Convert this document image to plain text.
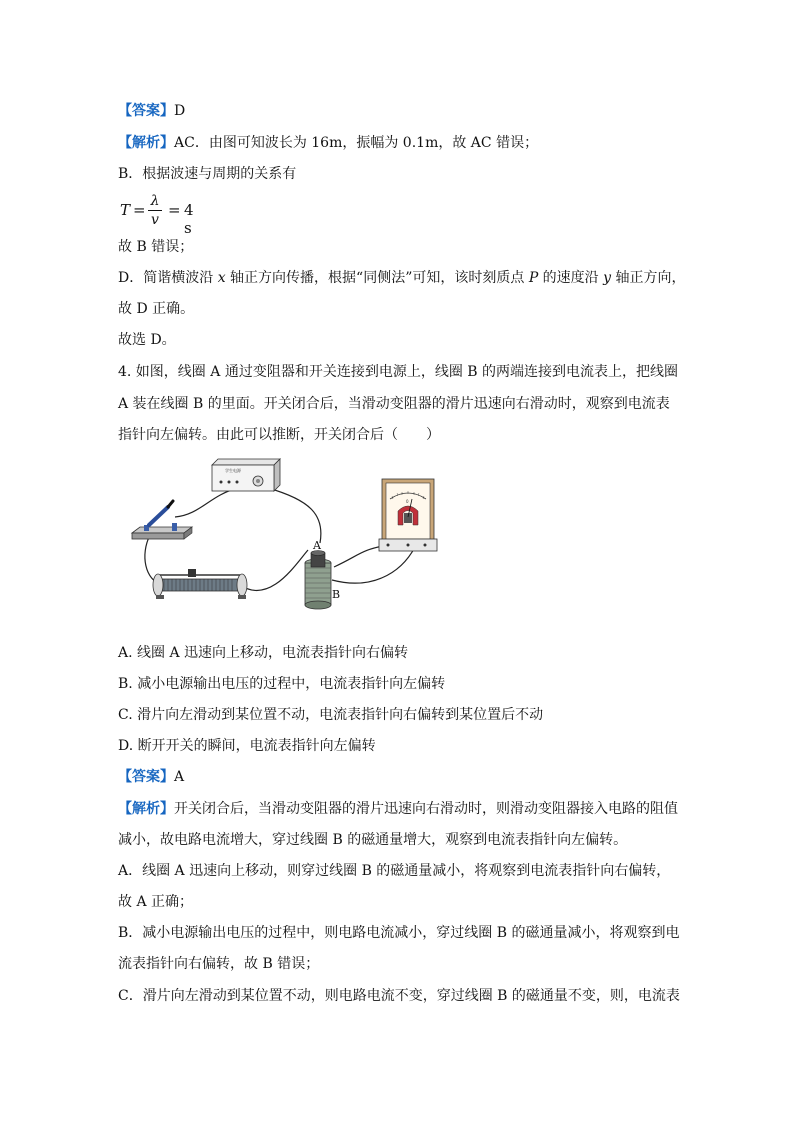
【答案】D
【解析】AC．由图可知波长为 16m，振幅为 0.1m，故 AC 错误；
B．根据波速与周期的关系有
T = λ
v
= 4 s
故 B 错误；
D．简谐横波沿 x 轴正方向传播，根据“同侧法”可知，该时刻质点 P 的速度沿 y 轴正方向，
故 D 正确。
故选 D。
4. 如图，线圈 A 通过变阻器和开关连接到电源上，线圈 B 的两端连接到电流表上，把线圈
A 装在线圈 B 的里面。开关闭合后，当滑动变阻器的滑片迅速向右滑动时，观察到电流表
指针向左偏转。由此可以推断，开关闭合后（　　）
学生电源
A
B
0
A. 线圈 A 迅速向上移动，电流表指针向右偏转
B. 减小电源输出电压的过程中，电流表指针向左偏转
C. 滑片向左滑动到某位置不动，电流表指针向右偏转到某位置后不动
D. 断开开关的瞬间，电流表指针向左偏转
【答案】A
【解析】开关闭合后，当滑动变阻器的滑片迅速向右滑动时，则滑动变阻器接入电路的阻值
减小，故电路电流增大，穿过线圈 B 的磁通量增大，观察到电流表指针向左偏转。
A．线圈 A 迅速向上移动，则穿过线圈 B 的磁通量减小，将观察到电流表指针向右偏转，
故 A 正确；
B．减小电源输出电压的过程中，则电路电流减小，穿过线圈 B 的磁通量减小，将观察到电
流表指针向右偏转，故 B 错误；
C．滑片向左滑动到某位置不动，则电路电流不变，穿过线圈 B 的磁通量不变，则，电流表
